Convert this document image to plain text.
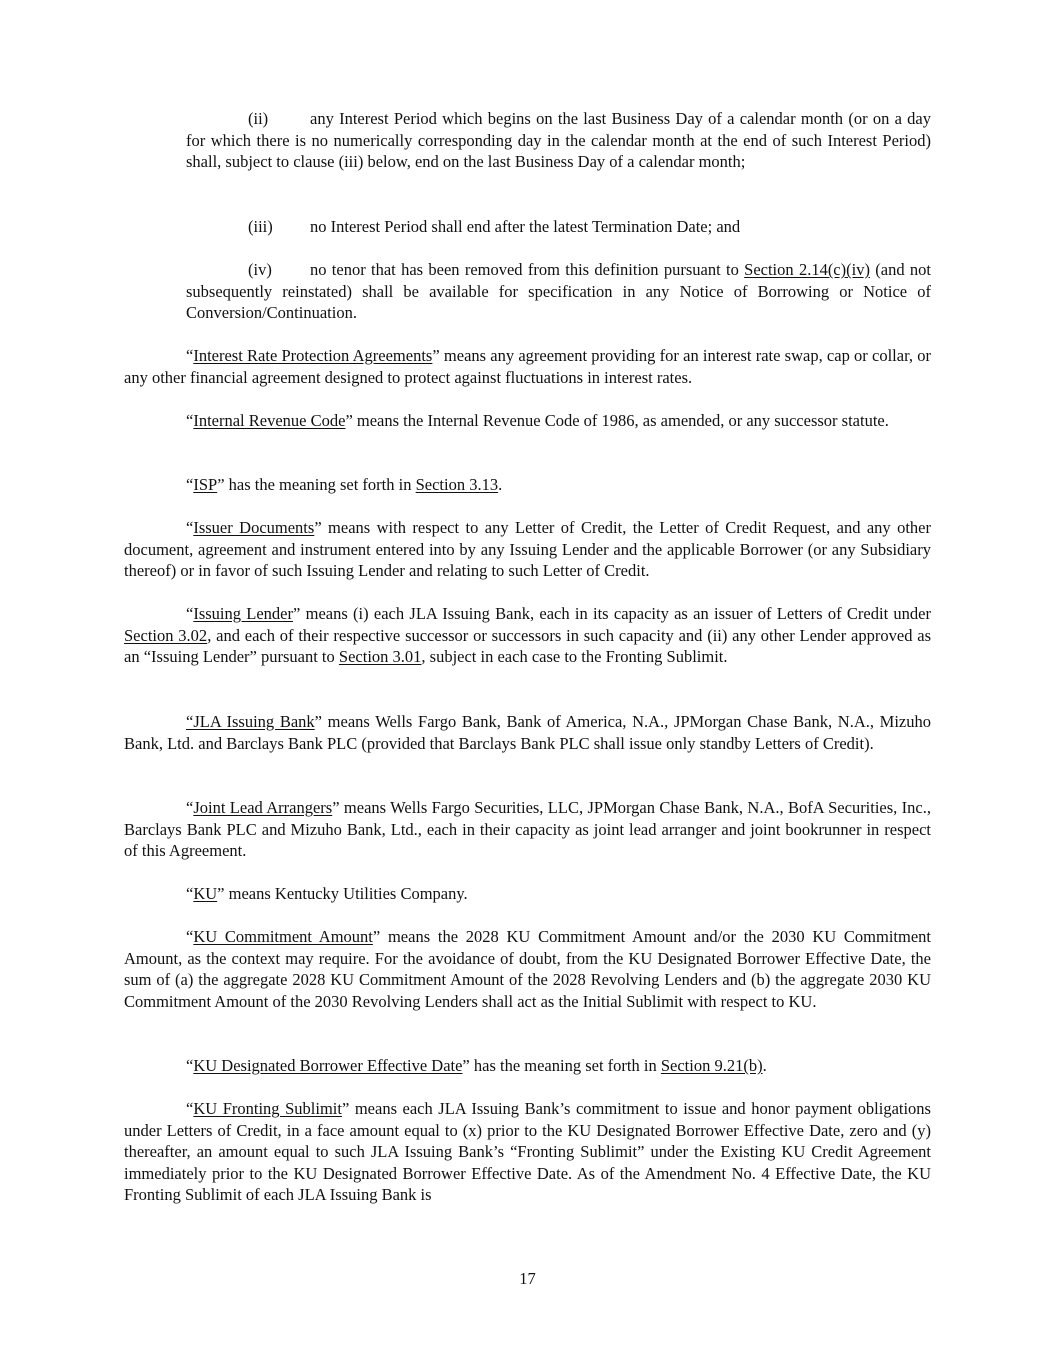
(ii)	any Interest Period which begins on the last Business Day of a calendar month (or on a day for which there is no numerically corresponding day in the calendar month at the end of such Interest Period) shall, subject to clause (iii) below, end on the last Business Day of a calendar month;

(iii) no Interest Period shall end after the latest Termination Date; and

(iv) no tenor that has been removed from this definition pursuant to Section 2.14(c)(iv) (and not subsequently reinstated) shall be available for specification in any Notice of Borrowing or Notice of Conversion/Continuation.

“Interest Rate Protection Agreements” means any agreement providing for an interest rate swap, cap or collar, or any other financial agreement designed to protect against fluctuations in interest rates.

“Internal Revenue Code” means the Internal Revenue Code of 1986, as amended, or any successor statute.

“ISP” has the meaning set forth in Section 3.13.

“Issuer Documents” means with respect to any Letter of Credit, the Letter of Credit Request, and any other document, agreement and instrument entered into by any Issuing Lender and the applicable Borrower (or any Subsidiary thereof) or in favor of such Issuing Lender and relating to such Letter of Credit.

“Issuing Lender” means (i) each JLA Issuing Bank, each in its capacity as an issuer of Letters of Credit under Section 3.02, and each of their respective successor or successors in such capacity and (ii) any other Lender approved as an “Issuing Lender” pursuant to Section 3.01, subject in each case to the Fronting Sublimit.

“JLA Issuing Bank” means Wells Fargo Bank, Bank of America, N.A., JPMorgan Chase Bank, N.A., Mizuho Bank, Ltd. and Barclays Bank PLC (provided that Barclays Bank PLC shall issue only standby Letters of Credit).

“Joint Lead Arrangers” means Wells Fargo Securities, LLC, JPMorgan Chase Bank, N.A., BofA Securities, Inc., Barclays Bank PLC and Mizuho Bank, Ltd., each in their capacity as joint lead arranger and joint bookrunner in respect of this Agreement.

“KU” means Kentucky Utilities Company.

“KU Commitment Amount” means the 2028 KU Commitment Amount and/or the 2030 KU Commitment Amount, as the context may require. For the avoidance of doubt, from the KU Designated Borrower Effective Date, the sum of (a) the aggregate 2028 KU Commitment Amount of the 2028 Revolving Lenders and (b) the aggregate 2030 KU Commitment Amount of the 2030 Revolving Lenders shall act as the Initial Sublimit with respect to KU.

“KU Designated Borrower Effective Date” has the meaning set forth in Section 9.21(b).

“KU Fronting Sublimit” means each JLA Issuing Bank’s commitment to issue and honor payment obligations under Letters of Credit, in a face amount equal to (x) prior to the KU Designated Borrower Effective Date, zero and (y) thereafter, an amount equal to such JLA Issuing Bank’s “Fronting Sublimit” under the Existing KU Credit Agreement immediately prior to the KU Designated Borrower Effective Date. As of the Amendment No. 4 Effective Date, the KU Fronting Sublimit of each JLA Issuing Bank is

17
